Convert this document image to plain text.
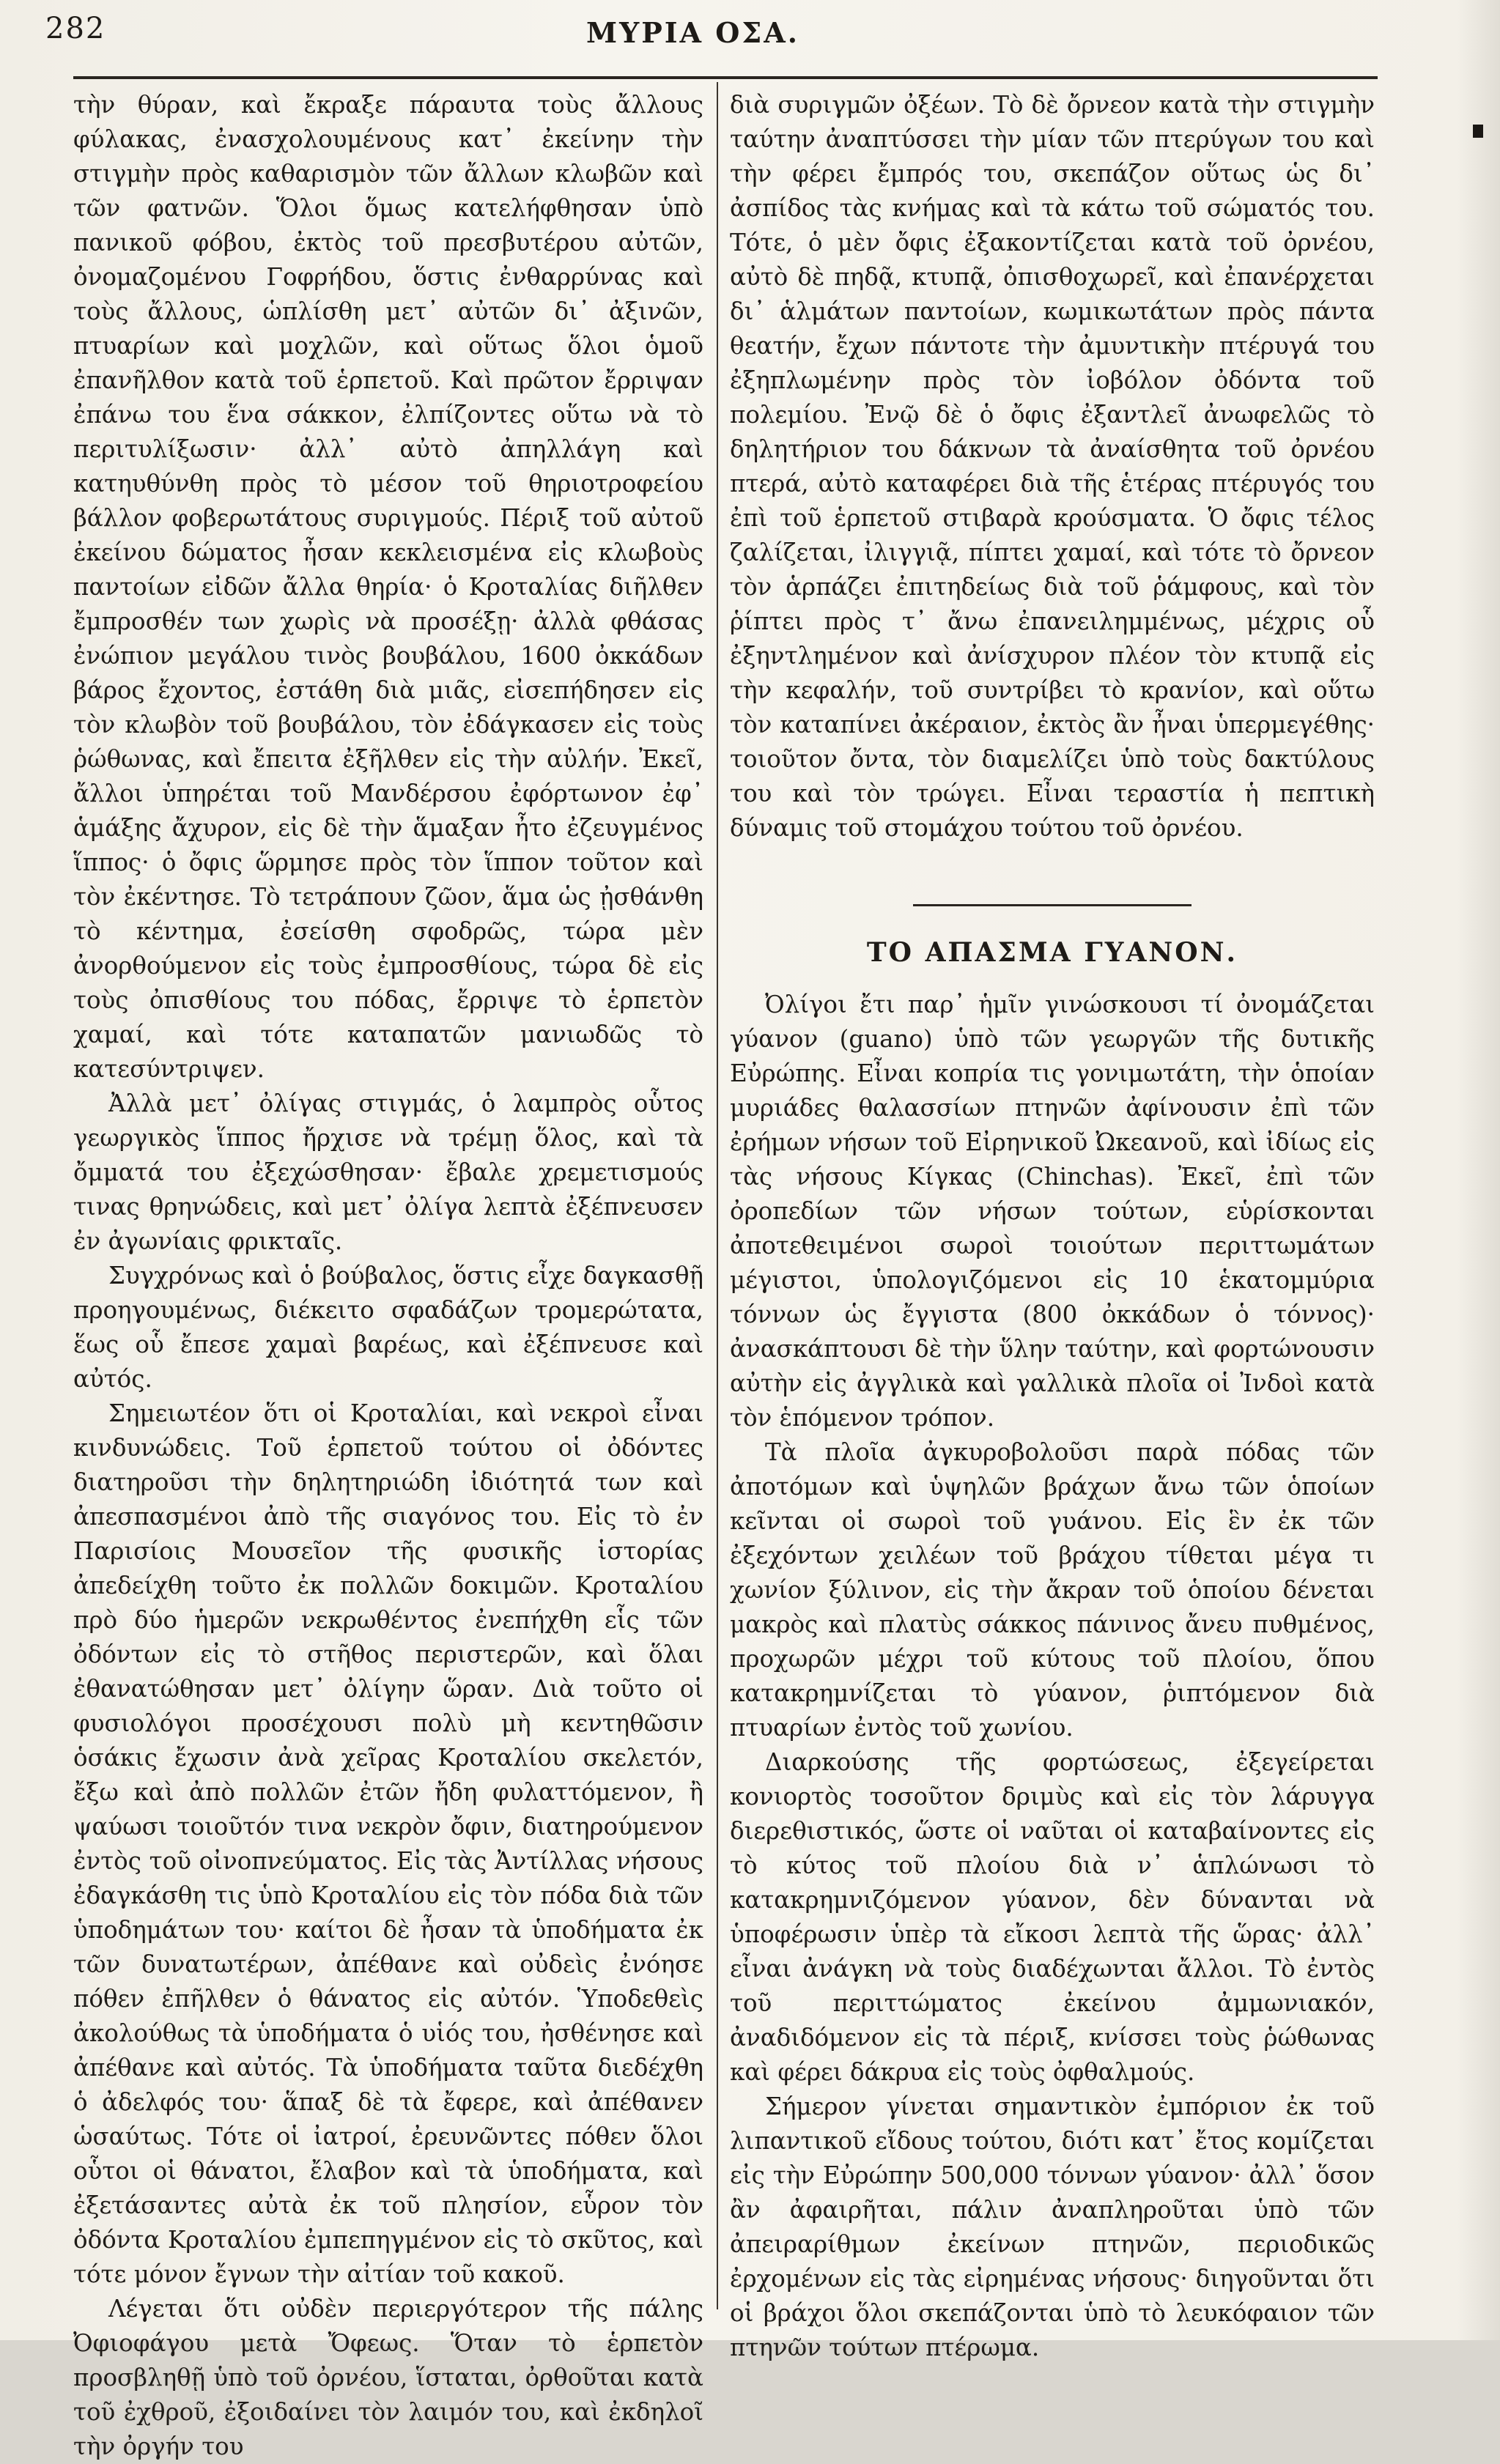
282	ΜΥΡΙΑ ΟΣΑ.

τὴν θύραν, καὶ ἔκραξε πάραυτα τοὺς ἄλλους φύλακας, ἐνασχολουμένους κατ᾽ ἐκείνην τὴν στιγμὴν πρὸς καθαρισμὸν τῶν ἄλλων κλωβῶν καὶ τῶν φατνῶν. Ὅλοι ὅμως κατελήφθησαν ὑπὸ πανικοῦ φόβου, ἐκτὸς τοῦ πρεσβυτέρου αὐτῶν, ὀνομαζομένου Γοφρήδου, ὅστις ἐνθαρρύνας καὶ τοὺς ἄλλους, ὡπλίσθη μετ᾽ αὐτῶν δι᾽ ἀξινῶν, πτυαρίων καὶ μοχλῶν, καὶ οὕτως ὅλοι ὁμοῦ ἐπανῆλθον κατὰ τοῦ ἑρπετοῦ. Καὶ πρῶτον ἔρριψαν ἐπάνω του ἕνα σάκκον, ἐλπίζοντες οὕτω νὰ τὸ περιτυλίξωσιν· ἀλλ᾽ αὐτὸ ἀπηλλάγη καὶ κατηυθύνθη πρὸς τὸ μέσον τοῦ θηριοτροφείου βάλλον φοβερωτάτους συριγμούς. Πέριξ τοῦ αὐτοῦ ἐκείνου δώματος ἦσαν κεκλεισμένα εἰς κλωβοὺς παντοίων εἰδῶν ἄλλα θηρία· ὁ Κροταλίας διῆλθεν ἔμπροσθέν των χωρὶς νὰ προσέξῃ· ἀλλὰ φθάσας ἐνώπιον μεγάλου τινὸς βουβάλου, 1600 ὀκκάδων βάρος ἔχοντος, ἐστάθη διὰ μιᾶς, εἰσεπήδησεν εἰς τὸν κλωβὸν τοῦ βουβάλου, τὸν ἐδάγκασεν εἰς τοὺς ῥώθωνας, καὶ ἔπειτα ἐξῆλθεν εἰς τὴν αὐλήν. Ἐκεῖ, ἄλλοι ὑπηρέται τοῦ Μανδέρσου ἐφόρτωνον ἐφ᾽ ἁμάξης ἄχυρον, εἰς δὲ τὴν ἅμαξαν ἦτο ἐζευγμένος ἵππος· ὁ ὄφις ὥρμησε πρὸς τὸν ἵππον τοῦτον καὶ τὸν ἐκέντησε. Τὸ τετράπουν ζῶον, ἅμα ὡς ᾐσθάνθη τὸ κέντημα, ἐσείσθη σφοδρῶς, τώρα μὲν ἀνορθούμενον εἰς τοὺς ἐμπροσθίους, τώρα δὲ εἰς τοὺς ὀπισθίους του πόδας, ἔρριψε τὸ ἑρπετὸν χαμαί, καὶ τότε καταπατῶν μανιωδῶς τὸ κατεσύντριψεν.

Ἀλλὰ μετ᾽ ὀλίγας στιγμάς, ὁ λαμπρὸς οὗτος γεωργικὸς ἵππος ἤρχισε νὰ τρέμῃ ὅλος, καὶ τὰ ὄμματά του ἐξεχώσθησαν· ἔβαλε χρεμετισμούς τινας θρηνώδεις, καὶ μετ᾽ ὀλίγα λεπτὰ ἐξέπνευσεν ἐν ἀγωνίαις φρικταῖς.

Συγχρόνως καὶ ὁ βούβαλος, ὅστις εἶχε δαγκασθῇ προηγουμένως, διέκειτο σφαδάζων τρομερώτατα, ἕως οὗ ἔπεσε χαμαὶ βαρέως, καὶ ἐξέπνευσε καὶ αὐτός.

Σημειωτέον ὅτι οἱ Κροταλίαι, καὶ νεκροὶ εἶναι κινδυνώδεις. Τοῦ ἑρπετοῦ τούτου οἱ ὀδόντες διατηροῦσι τὴν δηλητηριώδη ἰδιότητά των καὶ ἀπεσπασμένοι ἀπὸ τῆς σιαγόνος του. Εἰς τὸ ἐν Παρισίοις Μουσεῖον τῆς φυσικῆς ἱστορίας ἀπεδείχθη τοῦτο ἐκ πολλῶν δοκιμῶν. Κροταλίου πρὸ δύο ἡμερῶν νεκρωθέντος ἐνεπήχθη εἷς τῶν ὀδόντων εἰς τὸ στῆθος περιστερῶν, καὶ ὅλαι ἐθανατώθησαν μετ᾽ ὀλίγην ὥραν. Διὰ τοῦτο οἱ φυσιολόγοι προσέχουσι πολὺ μὴ κεντηθῶσιν ὁσάκις ἔχωσιν ἀνὰ χεῖρας Κροταλίου σκελετόν, ἔξω καὶ ἀπὸ πολλῶν ἐτῶν ἤδη φυλαττόμενον, ἢ ψαύωσι τοιοῦτόν τινα νεκρὸν ὄφιν, διατηρούμενον ἐντὸς τοῦ οἰνοπνεύματος. Εἰς τὰς Ἀντίλλας νήσους ἐδαγκάσθη τις ὑπὸ Κροταλίου εἰς τὸν πόδα διὰ τῶν ὑποδημάτων του· καίτοι δὲ ἦσαν τὰ ὑποδήματα ἐκ τῶν δυνατωτέρων, ἀπέθανε καὶ οὐδεὶς ἐνόησε πόθεν ἐπῆλθεν ὁ θάνατος εἰς αὐτόν. Ὑποδεθεὶς ἀκολούθως τὰ ὑποδήματα ὁ υἱός του, ἠσθένησε καὶ ἀπέθανε καὶ αὐτός. Τὰ ὑποδήματα ταῦτα διεδέχθη ὁ ἀδελφός του· ἅπαξ δὲ τὰ ἔφερε, καὶ ἀπέθανεν ὡσαύτως. Τότε οἱ ἰατροί, ἐρευνῶντες πόθεν ὅλοι οὗτοι οἱ θάνατοι, ἔλαβον καὶ τὰ ὑποδήματα, καὶ ἐξετάσαντες αὐτὰ ἐκ τοῦ πλησίον, εὗρον τὸν ὀδόντα Κροταλίου ἐμπεπηγμένον εἰς τὸ σκῦτος, καὶ τότε μόνον ἔγνων τὴν αἰτίαν τοῦ κακοῦ.

Λέγεται ὅτι οὐδὲν περιεργότερον τῆς πάλης Ὀφιοφάγου μετὰ Ὄφεως. Ὅταν τὸ ἑρπετὸν προσβληθῇ ὑπὸ τοῦ ὀρνέου, ἵσταται, ὀρθοῦται κατὰ τοῦ ἐχθροῦ, ἐξοιδαίνει τὸν λαιμόν του, καὶ ἐκδηλοῖ τὴν ὀργήν του

διὰ συριγμῶν ὀξέων. Τὸ δὲ ὄρνεον κατὰ τὴν στιγμὴν ταύτην ἀναπτύσσει τὴν μίαν τῶν πτερύγων του καὶ τὴν φέρει ἔμπρός του, σκεπάζον οὕτως ὡς δι᾽ ἀσπίδος τὰς κνήμας καὶ τὰ κάτω τοῦ σώματός του. Τότε, ὁ μὲν ὄφις ἐξακοντίζεται κατὰ τοῦ ὀρνέου, αὐτὸ δὲ πηδᾷ, κτυπᾷ, ὀπισθοχωρεῖ, καὶ ἐπανέρχεται δι᾽ ἁλμάτων παντοίων, κωμικωτάτων πρὸς πάντα θεατήν, ἔχων πάντοτε τὴν ἀμυντικὴν πτέρυγά του ἐξηπλωμένην πρὸς τὸν ἰοβόλον ὀδόντα τοῦ πολεμίου. Ἐνῷ δὲ ὁ ὄφις ἐξαντλεῖ ἀνωφελῶς τὸ δηλητήριον του δάκνων τὰ ἀναίσθητα τοῦ ὀρνέου πτερά, αὐτὸ καταφέρει διὰ τῆς ἑτέρας πτέρυγός του ἐπὶ τοῦ ἑρπετοῦ στιβαρὰ κρούσματα. Ὁ ὄφις τέλος ζαλίζεται, ἰλιγγιᾷ, πίπτει χαμαί, καὶ τότε τὸ ὄρνεον τὸν ἁρπάζει ἐπιτηδείως διὰ τοῦ ῥάμφους, καὶ τὸν ῥίπτει πρὸς τ᾽ ἄνω ἐπανειλημμένως, μέχρις οὗ ἐξηντλημένον καὶ ἀνίσχυρον πλέον τὸν κτυπᾷ εἰς τὴν κεφαλήν, τοῦ συντρίβει τὸ κρανίον, καὶ οὕτω τὸν καταπίνει ἀκέραιον, ἐκτὸς ἂν ἦναι ὑπερμεγέθης· τοιοῦτον ὄντα, τὸν διαμελίζει ὑπὸ τοὺς δακτύλους του καὶ τὸν τρώγει. Εἶναι τεραστία ἡ πεπτικὴ δύναμις τοῦ στομάχου τούτου τοῦ ὀρνέου.

ΤΟ ΑΠΑΣΜΑ ΓΥΑΝΟΝ.

Ὀλίγοι ἔτι παρ᾽ ἡμῖν γινώσκουσι τί ὀνομάζεται γύανον (guano) ὑπὸ τῶν γεωργῶν τῆς δυτικῆς Εὐρώπης. Εἶναι κοπρία τις γονιμωτάτη, τὴν ὁποίαν μυριάδες θαλασσίων πτηνῶν ἀφίνουσιν ἐπὶ τῶν ἐρήμων νήσων τοῦ Εἰρηνικοῦ Ὠκεανοῦ, καὶ ἰδίως εἰς τὰς νήσους Κίγκας (Chinchas). Ἐκεῖ, ἐπὶ τῶν ὀροπεδίων τῶν νήσων τούτων, εὑρίσκονται ἀποτεθειμένοι σωροὶ τοιούτων περιττωμάτων μέγιστοι, ὑπολογιζόμενοι εἰς 10 ἑκατομμύρια τόννων ὡς ἔγγιστα (800 ὀκκάδων ὁ τόννος)· ἀνασκάπτουσι δὲ τὴν ὕλην ταύτην, καὶ φορτώνουσιν αὐτὴν εἰς ἀγγλικὰ καὶ γαλλικὰ πλοῖα οἱ Ἰνδοὶ κατὰ τὸν ἑπόμενον τρόπον.

Τὰ πλοῖα ἀγκυροβολοῦσι παρὰ πόδας τῶν ἀποτόμων καὶ ὑψηλῶν βράχων ἄνω τῶν ὁποίων κεῖνται οἱ σωροὶ τοῦ γυάνου. Εἰς ἓν ἐκ τῶν ἐξεχόντων χειλέων τοῦ βράχου τίθεται μέγα τι χωνίον ξύλινον, εἰς τὴν ἄκραν τοῦ ὁποίου δένεται μακρὸς καὶ πλατὺς σάκκος πάνινος ἄνευ πυθμένος, προχωρῶν μέχρι τοῦ κύτους τοῦ πλοίου, ὅπου κατακρημνίζεται τὸ γύανον, ῥιπτόμενον διὰ πτυαρίων ἐντὸς τοῦ χωνίου.

Διαρκούσης τῆς φορτώσεως, ἐξεγείρεται κονιορτὸς τοσοῦτον δριμὺς καὶ εἰς τὸν λάρυγγα διερεθιστικός, ὥστε οἱ ναῦται οἱ καταβαίνοντες εἰς τὸ κύτος τοῦ πλοίου διὰ ν᾽ ἁπλώνωσι τὸ κατακρημνιζόμενον γύανον, δὲν δύνανται νὰ ὑποφέρωσιν ὑπὲρ τὰ εἴκοσι λεπτὰ τῆς ὥρας· ἀλλ᾽ εἶναι ἀνάγκη νὰ τοὺς διαδέχωνται ἄλλοι. Τὸ ἐντὸς τοῦ περιττώματος ἐκείνου ἀμμωνιακόν, ἀναδιδόμενον εἰς τὰ πέριξ, κνίσσει τοὺς ῥώθωνας καὶ φέρει δάκρυα εἰς τοὺς ὀφθαλμούς.

Σήμερον γίνεται σημαντικὸν ἐμπόριον ἐκ τοῦ λιπαντικοῦ εἴδους τούτου, διότι κατ᾽ ἔτος κομίζεται εἰς τὴν Εὐρώπην 500,000 τόννων γύανον· ἀλλ᾽ ὅσον ἂν ἀφαιρῆται, πάλιν ἀναπληροῦται ὑπὸ τῶν ἀπειραρίθμων ἐκείνων πτηνῶν, περιοδικῶς ἐρχομένων εἰς τὰς εἰρημένας νήσους· διηγοῦνται ὅτι οἱ βράχοι ὅλοι σκεπάζονται ὑπὸ τὸ λευκόφαιον τῶν πτηνῶν τούτων πτέρωμα.
